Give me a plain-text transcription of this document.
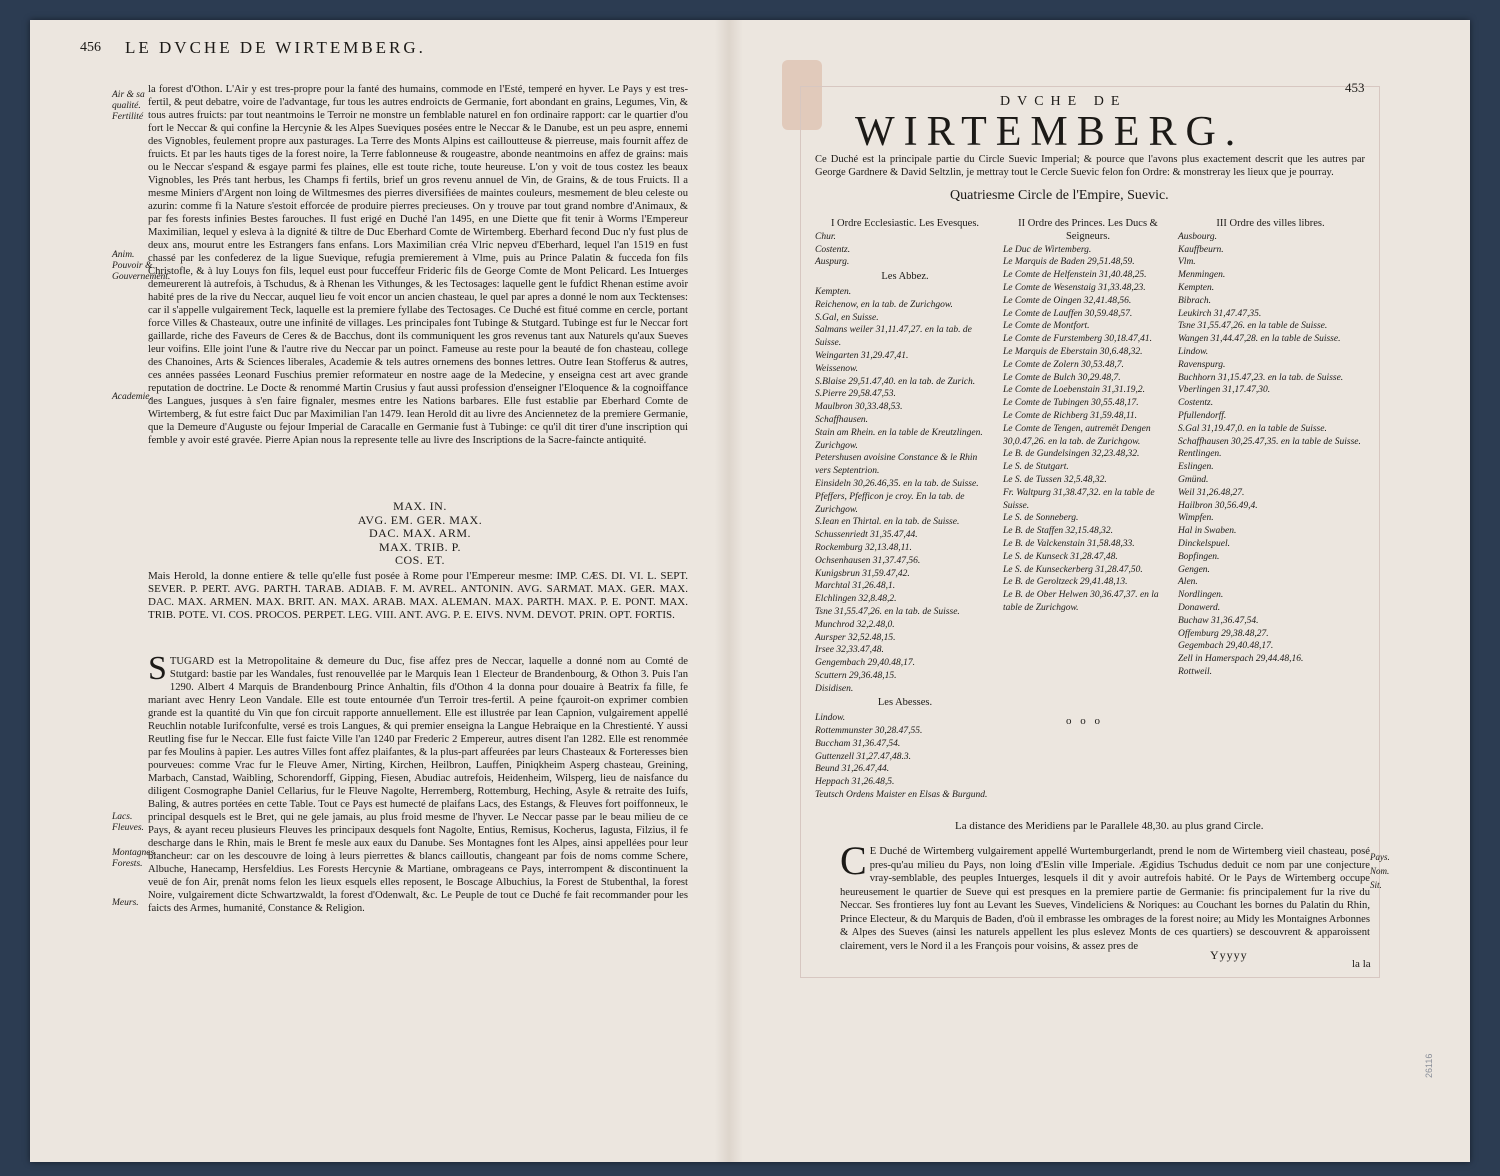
456 LE DVCHE DE WIRTEMBERG.
Air & sa qualité. Fertilité
Anim. Pouvoir & Gouvernement.
Academie.
Lacs. Fleuves.
Montagnes. Forests.
Meurs.
la forest d'Othon. L'Air y est tres-propre pour la fanté des humains, commode en l'Esté, temperé en hyver. Le Pays y est tres-fertil, & peut debatre, voire de l'advantage, fur tous les autres endroicts de Germanie, fort abondant en grains, Legumes, Vin, & tous autres fruicts: par tout neantmoins le Terroir ne monstre un femblable naturel en fon ordinaire rapport: car le quartier d'ou fort le Neccar & qui confine la Hercynie & les Alpes Sueviques posées entre le Neccar & le Danube, est un peu aspre, ennemi des Vignobles, feulement propre aux pasturages. La Terre des Monts Alpins est cailloutteuse & pierreuse, mais fournit affez de fruicts. Et par les hauts tiges de la forest noire, la Terre fablonneuse & rougeastre, abonde neantmoins en affez de grains: mais ou le Neccar s'espand & esgaye parmi fes plaines, elle est toute riche, toute heureuse. L'on y voit de tous costez les beaux Vignobles, les Prés tant herbus, les Champs fi fertils, brief un gros revenu annuel de Vin, de Grains, & de tous Fruicts. Il a mesme Miniers d'Argent non loing de Wiltmesmes des pierres diversifiées de maintes couleurs, mesmement de bleu celeste ou azurin: comme fi la Nature s'estoit efforcée de produire pierres precieuses. On y trouve par tout grand nombre d'Animaux, & par fes forests infinies Bestes farouches. Il fust erigé en Duché l'an 1495, en une Diette que fit tenir à Worms l'Empereur Maximilian, lequel y esleva à la dignité & tiltre de Duc Eberhard Comte de Wirtemberg. Eberhard fecond Duc n'y fust plus de deux ans, mourut entre les Estrangers fans enfans. Lors Maximilian créa Vlric nepveu d'Eberhard, lequel l'an 1519 en fust chassé par les confederez de la ligue Suevique, refugia premierement à Vlme, puis au Prince Palatin & fucceda fon fils Christofle, & à luy Louys fon fils, lequel eust pour fucceffeur Frideric fils de George Comte de Mont Pelicard. Les Intuerges demeurerent là autrefois, à Tschudus, & à Rhenan les Vithunges, & les Tectosages: laquelle gent le fufdict Rhenan estime avoir habité pres de la rive du Neccar, auquel lieu fe voit encor un ancien chasteau, le quel par apres a donné le nom aux Tecktenses: car il s'appelle vulgairement Teck, laquelle est la premiere fyllabe des Tectosages. Ce Duché est fitué comme en cercle, portant force Villes & Chasteaux, outre une infinité de villages. Les principales font Tubinge & Stutgard. Tubinge est fur le Neccar fort gaillarde, riche des Faveurs de Ceres & de Bacchus, dont ils communiquent les gros revenus tant aux Naturels qu'aux Sueves leur voifins. Elle joint l'une & l'autre rive du Neccar par un poinct. Fameuse au reste pour la beauté de fon chasteau, college des Chanoines, Arts & Sciences liberales, Academie & tels autres ornemens des bonnes lettres. Outre Iean Stofferus & autres, ces années passées Leonard Fuschius premier reformateur en nostre aage de la Medecine, y enseigna cest art avec grande reputation de doctrine. Le Docte & renommé Martin Crusius y faut aussi profession d'enseigner l'Eloquence & la cognoiffance des Langues, jusques à s'en faire fignaler, mesmes entre les Nations barbares. Elle fust establie par Eberhard Comte de Wirtemberg, & fut estre faict Duc par Maximilian l'an 1479. Iean Herold dit au livre des Anciennetez de la premiere Germanie, que la Demeure d'Auguste ou fejour Imperial de Caracalle en Germanie fust à Tubinge: ce qu'il dit tirer d'une inscription qui femble y avoir esté gravée. Pierre Apian nous la represente telle au livre des Inscriptions de la Sacre-faincte antiquité.
MAX. IN.
AVG. EM. GER. MAX.
DAC. MAX. ARM.
MAX. TRIB. P.
COS. ET.
Mais Herold, la donne entiere & telle qu'elle fust posée à Rome pour l'Empereur mesme: IMP. CÆS. DI. VI. L. SEPT. SEVER. P. PERT. AVG. PARTH. TARAB. ADIAB. F. M. AVREL. ANTONIN. AVG. SARMAT. MAX. GER. MAX. DAC. MAX. ARMEN. MAX. BRIT. AN. MAX. ARAB. MAX. ALEMAN. MAX. PARTH. MAX. P. E. PONT. MAX. TRIB. POTE. VI. COS. PROCOS. PERPET. LEG. VIII. ANT. AVG. P. E. EIVS. NVM. DEVOT. PRIN. OPT. FORTIS.
S TUGARD est la Metropolitaine & demeure du Duc, fise affez pres de Neccar, laquelle a donné nom au Comté de Stutgard: bastie par les Wandales, fust renouvellée par le Marquis Iean 1 Electeur de Brandenbourg, & Othon 3. Puis l'an 1290. Albert 4 Marquis de Brandenbourg Prince Anhaltin, fils d'Othon 4 la donna pour douaire à Beatrix fa fille, fe mariant avec Henry Leon Vandale. Elle est toute entournée d'un Terroir tres-fertil. A peine fçauroit-on exprimer combien grande est la quantité du Vin que fon circuit rapporte annuellement. Elle est illustrée par Iean Capnion, vulgairement appellé Reuchlin notable Iurifconfulte, versé es trois Langues, & qui premier enseigna la Langue Hebraique en la Chrestienté. Y aussi Reutling fise fur le Neccar. Elle fust faicte Ville l'an 1240 par Frederic 2 Empereur, autres disent l'an 1282. Elle est renommée par fes Moulins à papier. Les autres Villes font affez plaifantes, & la plus-part affeurées par leurs Chasteaux & Forteresses bien pourveues: comme Vrac fur le Fleuve Amer, Nirting, Kirchen, Heilbron, Lauffen, Piniqkheim Asperg chasteau, Greining, Marbach, Canstad, Waibling, Schorendorff, Gipping, Fiesen, Abudiac autrefois, Heidenheim, Wilsperg, lieu de naisfance du diligent Cosmographe Daniel Cellarius, fur le Fleuve Nagolte, Herremberg, Rottemburg, Heching, Asyle & retraite des Iuifs, Baling, & autres portées en cette Table. Tout ce Pays est humecté de plaifans Lacs, des Estangs, & Fleuves fort poiffonneux, le principal desquels est le Bret, qui ne gele jamais, au plus froid mesme de l'hyver. Le Neccar passe par le beau milieu de ce Pays, & ayant receu plusieurs Fleuves les principaux desquels font Nagolte, Entius, Remisus, Kocherus, Iagusta, Filzius, il fe descharge dans le Rhin, mais le Brent fe mesle aux eaux du Danube. Ses Montagnes font les Alpes, ainsi appellées pour leur blancheur: car on les descouvre de loing à leurs pierrettes & blancs cailloutis, changeant par fois de noms comme Schere, Albuche, Hanecamp, Hersfeldius. Les Forests Hercynie & Martiane, ombrageans ce Pays, interrompent & discontinuent la veuë de fon Air, prenât noms felon les lieux esquels elles reposent, le Boscage Albuchius, la Forest de Stubenthal, la forest Noire, vulgairement dicte Schwartzwaldt, la forest d'Odenwalt, &c. Le Peuple de tout ce Duché fe fait recommander pour les faicts des Armes, humanité, Constance & Religion.
453
DVCHE DE
WIRTEMBERG.
Ce Duché est la principale partie du Circle Suevic Imperial; & pource que l'avons plus exactement descrit que les autres par George Gardnere & David Seltzlin, je mettray tout le Cercle Suevic felon fon Ordre: & monstreray les lieux que je pourray.
Quatriesme Circle de l'Empire, Suevic.
I Ordre Ecclesiastic. Les Evesques.
Chur.
Costentz.
Auspurg.
Les Abbez.
Kempten.
Reichenow, en la tab. de Zurichgow.
S.Gal, en Suisse.
Salmans weiler 31,11.47,27. en la tab. de Suisse.
Weingarten 31,29.47,41.
Weissenow.
S.Blaise 29,51.47,40. en la tab. de Zurich.
S.Pierre 29,58.47,53.
Maulbron 30,33.48,53.
Schaffhausen.
Stain am Rhein. en la table de Kreutzlingen. Zurichgow.
Petershusen avoisine Constance & le Rhin vers Septentrion.
Einsideln 30,26.46,35. en la tab. de Suisse.
Pfeffers, Pfefficon je croy. En la tab. de Zurichgow.
S.Iean en Thirtal. en la tab. de Suisse.
Schussenriedt 31,35.47,44.
Rockemburg 32,13.48,11.
Ochsenhausen 31,37.47,56.
Kunigsbrun 31,59.47,42.
Marchtal 31,26.48,1.
Elchlingen 32,8.48,2.
Tsne 31,55.47,26. en la tab. de Suisse.
Munchrod 32,2.48,0.
Aursper 32,52.48,15.
Irsee 32,33.47,48.
Gengembach 29,40.48,17.
Scuttern 29,36.48,15.
Disidisen.
Les Abesses.
Lindow.
Rottemmunster 30,28.47,55.
Buccham 31,36.47,54.
Guttenzell 31,27.47,48.3.
Beund 31,26.47,44.
Heppach 31,26.48,5.
Teutsch Ordens Maister en Elsas & Burgund.
II Ordre des Princes. Les Ducs & Seigneurs.
Le Duc de Wirtemberg.
Le Marquis de Baden 29,51.48,59.
Le Comte de Helfenstein 31,40.48,25.
Le Comte de Wesenstaig 31,33.48,23.
Le Comte de Oingen 32,41.48,56.
Le Comte de Lauffen 30,59.48,57.
Le Comte de Montfort.
Le Comte de Furstemberg 30,18.47,41.
Le Marquis de Eberstain 30,6.48,32.
Le Comte de Zolern 30,53.48,7.
Le Comte de Bulch 30,29.48,7.
Le Comte de Loebenstain 31,31.19,2.
Le Comte de Tubingen 30,55.48,17.
Le Comte de Richberg 31,59.48,11.
Le Comte de Tengen, autremët Dengen 30,0.47,26. en la tab. de Zurichgow.
Le B. de Gundelsingen 32,23.48,32.
Le S. de Stutgart.
Le S. de Tussen 32,5.48,32.
Fr. Waltpurg 31,38.47,32. en la table de Suisse.
Le S. de Sonneberg.
Le B. de Staffen 32,15.48,32.
Le B. de Valckenstain 31,58.48,33.
Le S. de Kunseck 31,28.47,48.
Le S. de Kunseckerberg 31,28.47,50.
Le B. de Geroltzeck 29,41.48,13.
Le B. de Ober Helwen 30,36.47,37. en la table de Zurichgow.
III Ordre des villes libres.
Ausbourg.
Kauffbeurn.
Vlm.
Menmingen.
Kempten.
Bibrach.
Leukirch 31,47.47,35.
Tsne 31,55.47,26. en la table de Suisse.
Wangen 31,44.47,28. en la table de Suisse.
Lindow.
Ravenspurg.
Buchhorn 31,15.47,23. en la tab. de Suisse.
Vberlingen 31,17.47,30.
Costentz.
Pfullendorff.
S.Gal 31,19.47,0. en la table de Suisse.
Schaffhausen 30,25.47,35. en la table de Suisse.
Rentlingen.
Eslingen.
Gmünd.
Weil 31,26.48,27.
Hailbron 30,56.49,4.
Wimpfen.
Hal in Swaben.
Dinckelspuel.
Bopfingen.
Gengen.
Alen.
Nordlingen.
Donawerd.
Buchaw 31,36.47,54.
Offemburg 29,38.48,27.
Gegembach 29,40.48,17.
Zell in Hamerspach 29,44.48,16.
Rottweil.
o o o
La distance des Meridiens par le Parallele 48,30. au plus grand Circle.
C E Duché de Wirtemberg vulgairement appellé Wurtemburgerlandt, prend le nom de Wirtemberg vieil chasteau, posé pres-qu'au milieu du Pays, non loing d'Eslin ville Imperiale. Ægidius Tschudus deduit ce nom par une conjecture vray-semblable, des peuples Intuerges, lesquels il dit y avoir autrefois habité. Or le Pays de Wirtemberg occupe heureusement le quartier de Sueve qui est presques en la premiere partie de Germanie: fis principalement fur la rive du Neccar. Ses frontieres luy font au Levant les Sueves, Vindeliciens & Noriques: au Couchant les bornes du Palatin du Rhin, Prince Electeur, & du Marquis de Baden, d'où il embrasse les ombrages de la forest noire; au Midy les Montaignes Arbonnes & Alpes des Sueves (ainsi les naturels appellent les plus eslevez Monts de ces quartiers) se descouvrent & apparoissent clairement, vers le Nord il a les François pour voisins, & assez pres de
Pays.
Nom.
Sit.
Yyyyy
la la
26116
